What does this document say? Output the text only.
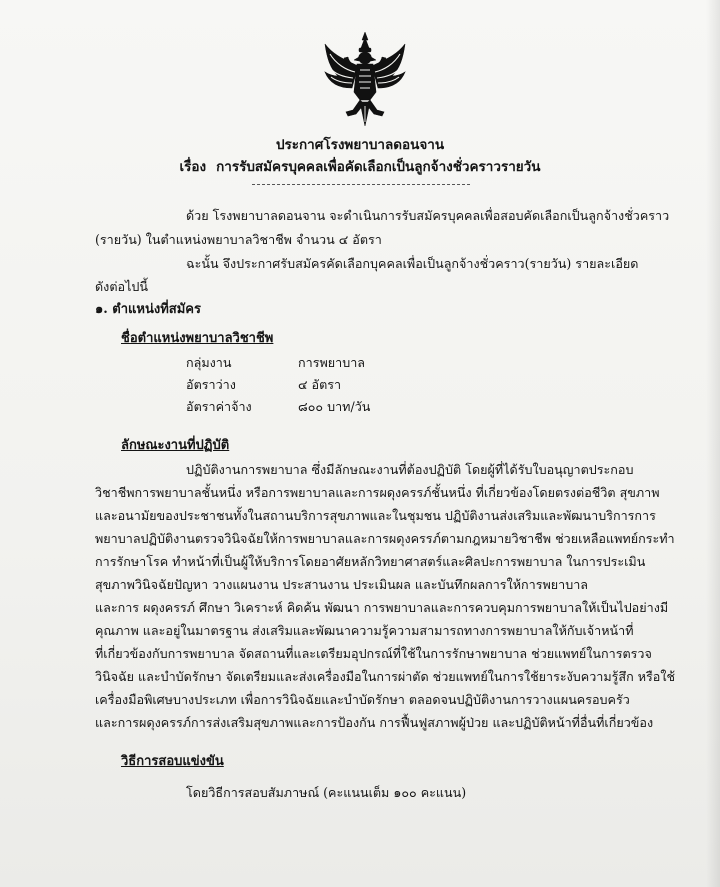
ประกาศโรงพยาบาลดอนจาน
เรื่อง การรับสมัครบุคคลเพื่อคัดเลือกเป็นลูกจ้างชั่วคราวรายวัน
ด้วย โรงพยาบาลดอนจาน จะดำเนินการรับสมัครบุคคลเพื่อสอบคัดเลือกเป็นลูกจ้างชั่วคราว
(รายวัน) ในตำแหน่งพยาบาลวิชาชีพ จำนวน ๔ อัตรา
ฉะนั้น จึงประกาศรับสมัครคัดเลือกบุคคลเพื่อเป็นลูกจ้างชั่วคราว(รายวัน) รายละเอียด
ดังต่อไปนี้
๑. ตำแหน่งที่สมัคร
ชื่อตำแหน่งพยาบาลวิชาชีพ
กลุ่มงาน	การพยาบาล
อัตราว่าง	๔ อัตรา
อัตราค่าจ้าง	๘๐๐ บาท/วัน
ลักษณะงานที่ปฏิบัติ
ปฏิบัติงานการพยาบาล ซึ่งมีลักษณะงานที่ต้องปฏิบัติ โดยผู้ที่ได้รับใบอนุญาตประกอบ
วิชาชีพการพยาบาลชั้นหนึ่ง หรือการพยาบาลและการผดุงครรภ์ชั้นหนึ่ง ที่เกี่ยวข้องโดยตรงต่อชีวิต สุขภาพ
และอนามัยของประชาชนทั้งในสถานบริการสุขภาพและในชุมชน ปฏิบัติงานส่งเสริมและพัฒนาบริการการ
พยาบาลปฏิบัติงานตรวจวินิจฉัยให้การพยาบาลและการผดุงครรภ์ตามกฎหมายวิชาชีพ ช่วยเหลือแพทย์กระทำ
การรักษาโรค ทำหน้าที่เป็นผู้ให้บริการโดยอาศัยหลักวิทยาศาสตร์และศิลปะการพยาบาล ในการประเมิน
สุขภาพวินิจฉัยปัญหา วางแผนงาน ประสานงาน ประเมินผล และบันทึกผลการให้การพยาบาล
และการ ผดุงครรภ์ ศึกษา วิเคราะห์ คิดค้น พัฒนา การพยาบาลและการควบคุมการพยาบาลให้เป็นไปอย่างมี
คุณภาพ และอยู่ในมาตรฐาน ส่งเสริมและพัฒนาความรู้ความสามารถทางการพยาบาลให้กับเจ้าหน้าที่
ที่เกี่ยวข้องกับการพยาบาล จัดสถานที่และเตรียมอุปกรณ์ที่ใช้ในการรักษาพยาบาล ช่วยแพทย์ในการตรวจ
วินิจฉัย และบำบัดรักษา จัดเตรียมและส่งเครื่องมือในการผ่าตัด ช่วยแพทย์ในการใช้ยาระงับความรู้สึก หรือใช้
เครื่องมือพิเศษบางประเภท เพื่อการวินิจฉัยและบำบัดรักษา ตลอดจนปฏิบัติงานการวางแผนครอบครัว
และการผดุงครรภ์การส่งเสริมสุขภาพและการป้องกัน การฟื้นฟูสภาพผู้ป่วย และปฏิบัติหน้าที่อื่นที่เกี่ยวข้อง
วิธีการสอบแข่งขัน
โดยวิธีการสอบสัมภาษณ์ (คะแนนเต็ม ๑๐๐ คะแนน)
